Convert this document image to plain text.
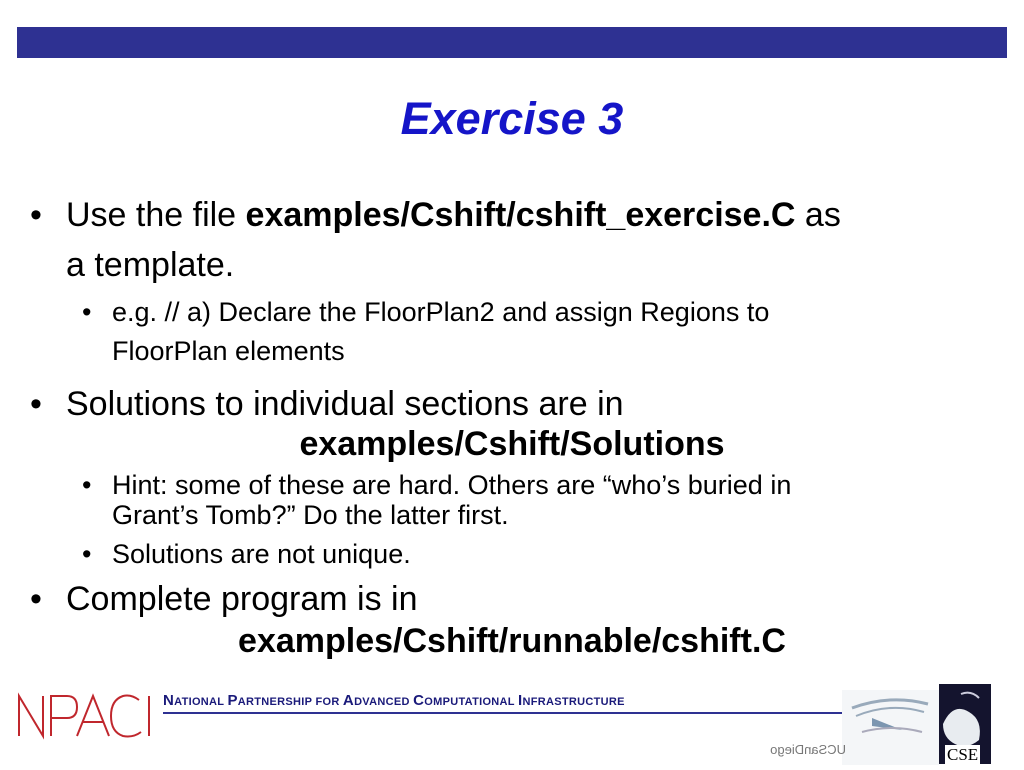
Exercise 3
• Use the file examples/Cshift/cshift_exercise.C as
a template.
• e.g. // a) Declare the FloorPlan2 and assign Regions to
FloorPlan elements
• Solutions to individual sections are in
examples/Cshift/Solutions
• Hint: some of these are hard. Others are “who’s buried in
Grant’s Tomb?” Do the latter first.
• Solutions are not unique.
• Complete program is in
examples/Cshift/runnable/cshift.C
NATIONAL PARTNERSHIP FOR ADVANCED COMPUTATIONAL INFRASTRUCTURE
UCSanDiego	CSE
